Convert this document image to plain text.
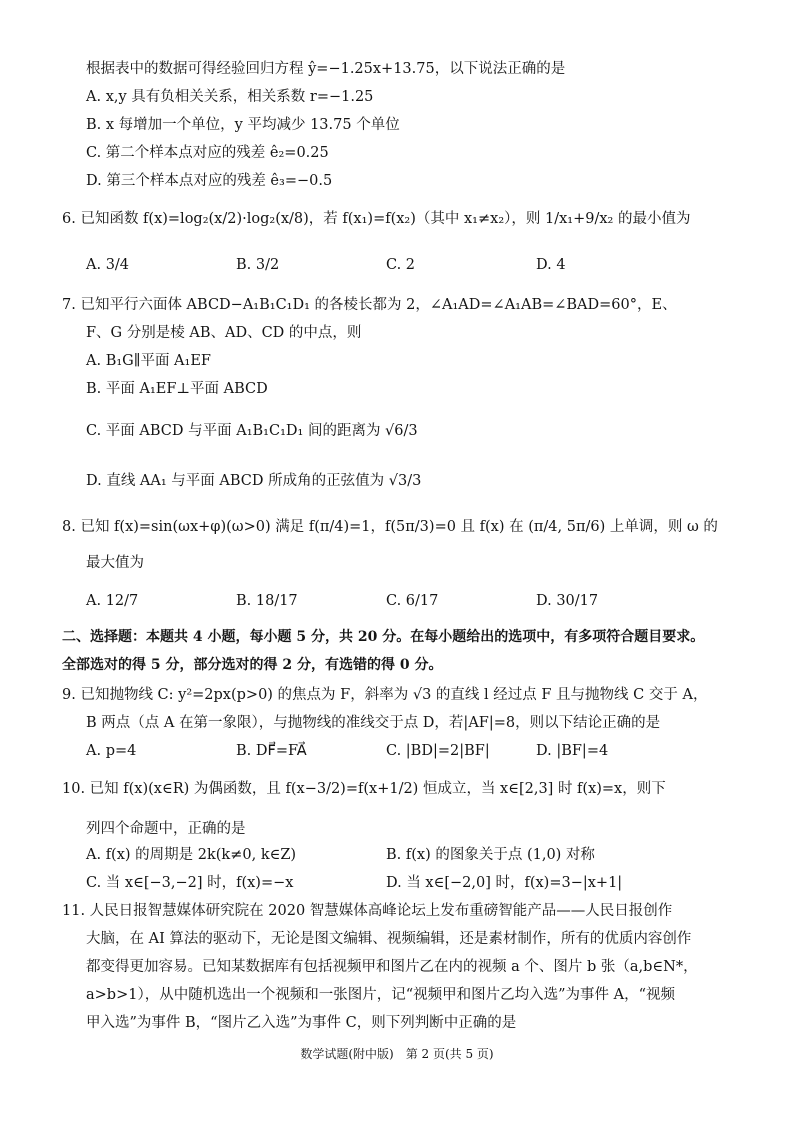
根据表中的数据可得经验回归方程 ŷ=−1.25x+13.75，以下说法正确的是
A. x,y 具有负相关关系，相关系数 r=−1.25
B. x 每增加一个单位，y 平均减少 13.75 个单位
C. 第二个样本点对应的残差 ê₂=0.25
D. 第三个样本点对应的残差 ê₃=−0.5
6. 已知函数 f(x)=log₂(x/2)·log₂(x/8)，若 f(x₁)=f(x₂)（其中 x₁≠x₂），则 1/x₁+9/x₂ 的最小值为
A. 3/4	B. 3/2	C. 2	D. 4
7. 已知平行六面体 ABCD−A₁B₁C₁D₁ 的各棱长都为 2，∠A₁AD=∠A₁AB=∠BAD=60°，E、
F、G 分别是棱 AB、AD、CD 的中点，则
A. B₁G∥平面 A₁EF
B. 平面 A₁EF⊥平面 ABCD
C. 平面 ABCD 与平面 A₁B₁C₁D₁ 间的距离为 √6/3
D. 直线 AA₁ 与平面 ABCD 所成角的正弦值为 √3/3
8. 已知 f(x)=sin(ωx+φ)(ω>0) 满足 f(π/4)=1，f(5π/3)=0 且 f(x) 在 (π/4, 5π/6) 上单调，则 ω 的
最大值为
A. 12/7	B. 18/17	C. 6/17	D. 30/17
二、选择题：本题共 4 小题，每小题 5 分，共 20 分。在每小题给出的选项中，有多项符合题目要求。
全部选对的得 5 分，部分选对的得 2 分，有选错的得 0 分。
9. 已知抛物线 C: y²=2px(p>0) 的焦点为 F，斜率为 √3 的直线 l 经过点 F 且与抛物线 C 交于 A，
B 两点（点 A 在第一象限），与抛物线的准线交于点 D，若|AF|=8，则以下结论正确的是
A. p=4	B. DF⃗=FA⃗	C. |BD|=2|BF|	D. |BF|=4
10. 已知 f(x)(x∈R) 为偶函数，且 f(x−3/2)=f(x+1/2) 恒成立，当 x∈[2,3] 时 f(x)=x，则下
列四个命题中，正确的是
A. f(x) 的周期是 2k(k≠0, k∈Z)	B. f(x) 的图象关于点 (1,0) 对称
C. 当 x∈[−3,−2] 时，f(x)=−x	D. 当 x∈[−2,0] 时，f(x)=3−|x+1|
11. 人民日报智慧媒体研究院在 2020 智慧媒体高峰论坛上发布重磅智能产品——人民日报创作
大脑，在 AI 算法的驱动下，无论是图文编辑、视频编辑，还是素材制作，所有的优质内容创作
都变得更加容易。已知某数据库有包括视频甲和图片乙在内的视频 a 个、图片 b 张（a,b∈N*，
a>b>1），从中随机选出一个视频和一张图片，记“视频甲和图片乙均入选”为事件 A，“视频
甲入选”为事件 B，“图片乙入选”为事件 C，则下列判断中正确的是
数学试题(附中版)　第 2 页(共 5 页)
